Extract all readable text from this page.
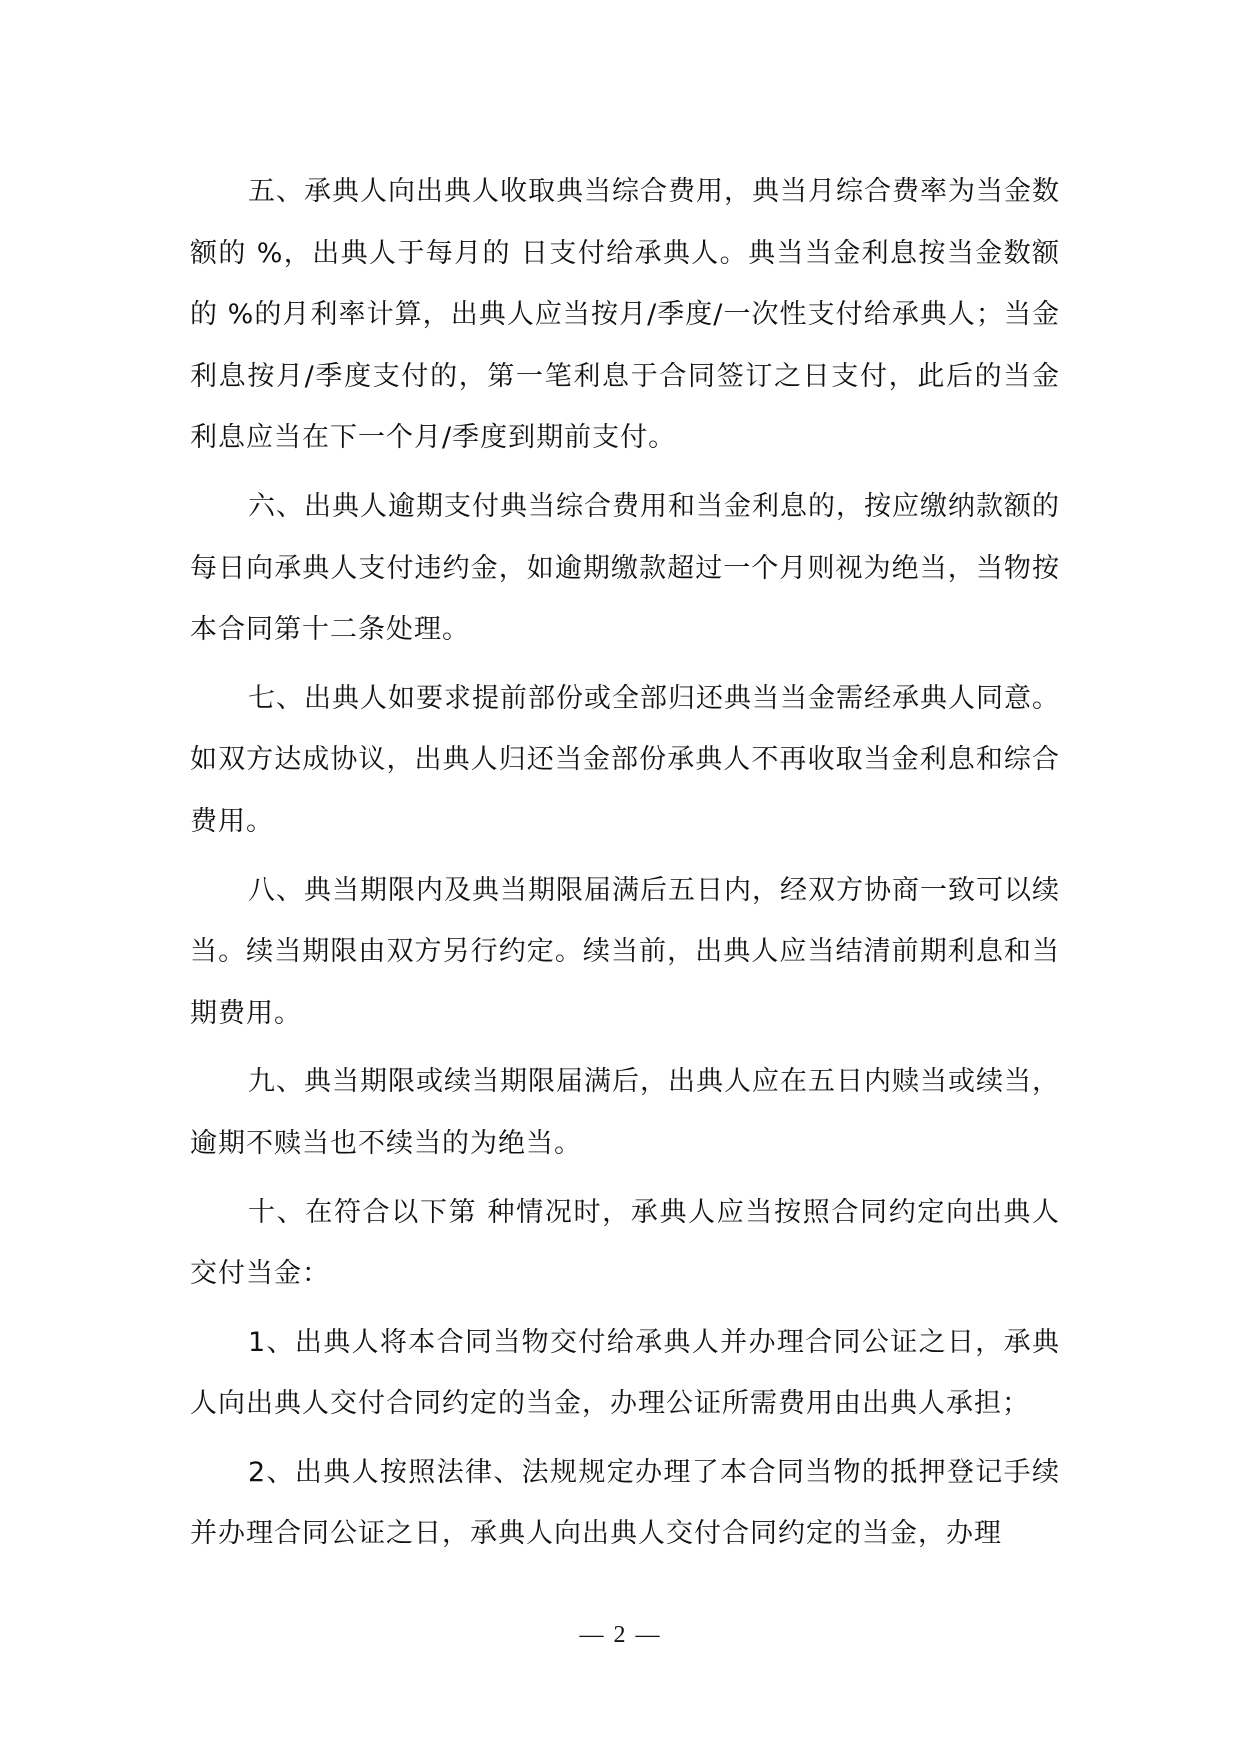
五、承典人向出典人收取典当综合费用，典当月综合费率为当金数额的 %，出典人于每月的 日支付给承典人。典当当金利息按当金数额的 %的月利率计算，出典人应当按月/季度/一次性支付给承典人；当金利息按月/季度支付的，第一笔利息于合同签订之日支付，此后的当金利息应当在下一个月/季度到期前支付。

六、出典人逾期支付典当综合费用和当金利息的，按应缴纳款额的每日向承典人支付违约金，如逾期缴款超过一个月则视为绝当，当物按本合同第十二条处理。

七、出典人如要求提前部份或全部归还典当当金需经承典人同意。如双方达成协议，出典人归还当金部份承典人不再收取当金利息和综合费用。

八、典当期限内及典当期限届满后五日内，经双方协商一致可以续当。续当期限由双方另行约定。续当前，出典人应当结清前期利息和当期费用。

九、典当期限或续当期限届满后，出典人应在五日内赎当或续当，逾期不赎当也不续当的为绝当。

十、在符合以下第 种情况时，承典人应当按照合同约定向出典人交付当金：

1、出典人将本合同当物交付给承典人并办理合同公证之日，承典人向出典人交付合同约定的当金，办理公证所需费用由出典人承担；

2、出典人按照法律、法规规定办理了本合同当物的抵押登记手续并办理合同公证之日，承典人向出典人交付合同约定的当金，办理

— 2 —
